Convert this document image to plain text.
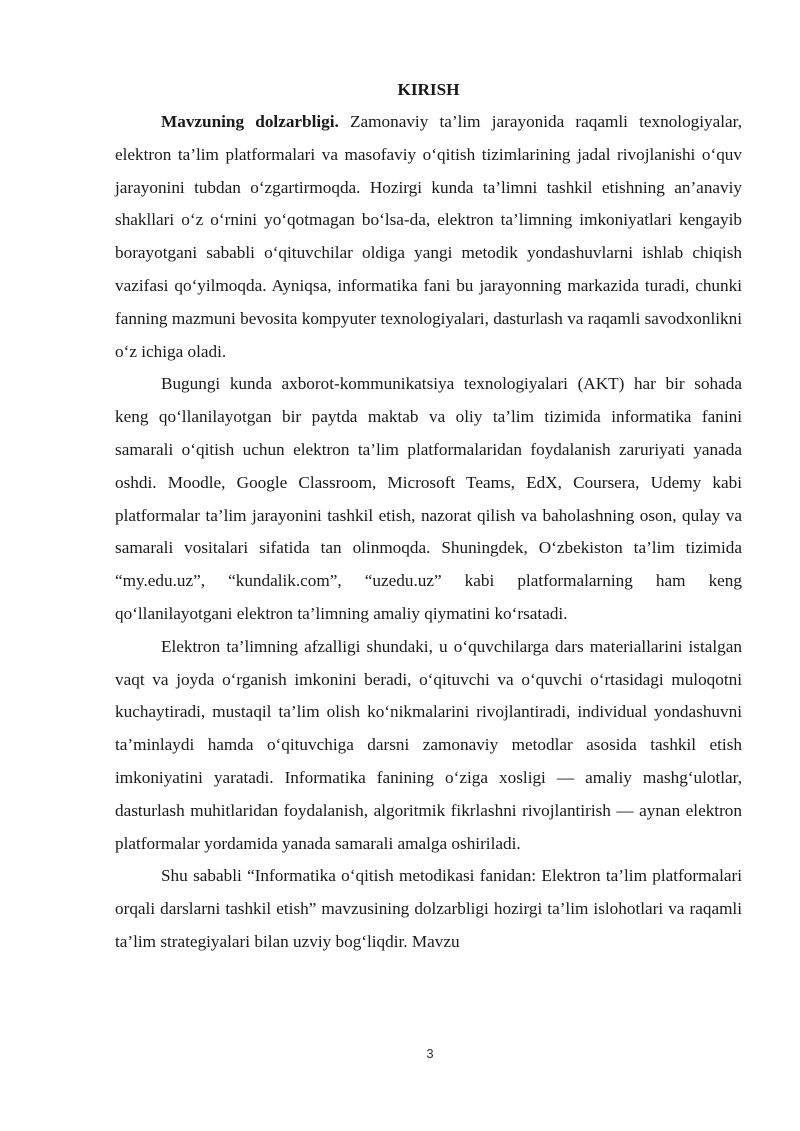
KIRISH

Mavzuning dolzarbligi. Zamonaviy ta’lim jarayonida raqamli texnologiyalar, elektron ta’lim platformalari va masofaviy o‘qitish tizimlarining jadal rivojlanishi o‘quv jarayonini tubdan o‘zgartirmoqda. Hozirgi kunda ta’limni tashkil etishning an’anaviy shakllari o‘z o‘rnini yo‘qotmagan bo‘lsa-da, elektron ta’limning imkoniyatlari kengayib borayotgani sababli o‘qituvchilar oldiga yangi metodik yondashuvlarni ishlab chiqish vazifasi qo‘yilmoqda. Ayniqsa, informatika fani bu jarayonning markazida turadi, chunki fanning mazmuni bevosita kompyuter texnologiyalari, dasturlash va raqamli savodxonlikni o‘z ichiga oladi.

Bugungi kunda axborot-kommunikatsiya texnologiyalari (AKT) har bir sohada keng qo‘llanilayotgan bir paytda maktab va oliy ta’lim tizimida informatika fanini samarali o‘qitish uchun elektron ta’lim platformalaridan foydalanish zaruriyati yanada oshdi. Moodle, Google Classroom, Microsoft Teams, EdX, Coursera, Udemy kabi platformalar ta’lim jarayonini tashkil etish, nazorat qilish va baholashning oson, qulay va samarali vositalari sifatida tan olinmoqda. Shuningdek, O‘zbekiston ta’lim tizimida “my.edu.uz”, “kundalik.com”, “uzedu.uz” kabi platformalarning ham keng qo‘llanilayotgani elektron ta’limning amaliy qiymatini ko‘rsatadi.

Elektron ta’limning afzalligi shundaki, u o‘quvchilarga dars materiallarini istalgan vaqt va joyda o‘rganish imkonini beradi, o‘qituvchi va o‘quvchi o‘rtasidagi muloqotni kuchaytiradi, mustaqil ta’lim olish ko‘nikmalarini rivojlantiradi, individual yondashuvni ta’minlaydi hamda o‘qituvchiga darsni zamonaviy metodlar asosida tashkil etish imkoniyatini yaratadi. Informatika fanining o‘ziga xosligi — amaliy mashg‘ulotlar, dasturlash muhitlaridan foydalanish, algoritmik fikrlashni rivojlantirish — aynan elektron platformalar yordamida yanada samarali amalga oshiriladi.

Shu sababli “Informatika o‘qitish metodikasi fanidan: Elektron ta’lim platformalari orqali darslarni tashkil etish” mavzusining dolzarbligi hozirgi ta’lim islohotlari va raqamli ta’lim strategiyalari bilan uzviy bog‘liqdir. Mavzu

3
